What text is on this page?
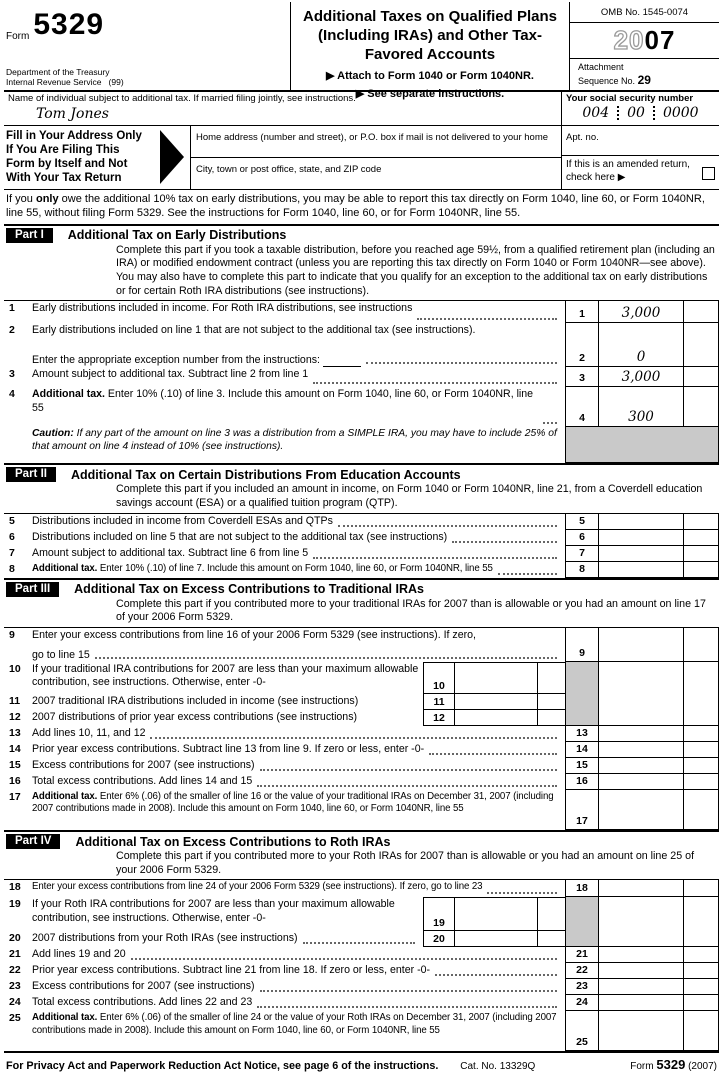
Form 5329
Department of the Treasury
Internal Revenue Service (99)
Additional Taxes on Qualified Plans
(Including IRAs) and Other Tax-Favored Accounts
▶ Attach to Form 1040 or Form 1040NR.
▶ See separate instructions.
OMB No. 1545-0074
20 07
Attachment
Sequence No. 29
Name of individual subject to additional tax. If married filing jointly, see instructions.
Tom Jones
Your social security number
004 00 0000
Fill in Your Address Only
If You Are Filing This
Form by Itself and Not
With Your Tax Return
Home address (number and street), or P.O. box if mail is not delivered to your home
City, town or post office, state, and ZIP code
Apt. no.
If this is an amended return, check here ▶
If you only owe the additional 10% tax on early distributions, you may be able to report this tax directly on Form 1040, line 60, or Form 1040NR, line 55, without filing Form 5329. See the instructions for Form 1040, line 60, or for Form 1040NR, line 55.
Part I	Additional Tax on Early Distributions
Complete this part if you took a taxable distribution, before you reached age 59½, from a qualified retirement plan (including an IRA) or modified endowment contract (unless you are reporting this tax directly on Form 1040 or Form 1040NR—see above). You may also have to complete this part to indicate that you qualify for an exception to the additional tax on early distributions or for certain Roth IRA distributions (see instructions).
1	Early distributions included in income. For Roth IRA distributions, see instructions	1	3,000
2	Early distributions included on line 1 that are not subject to the additional tax (see instructions).
Enter the appropriate exception number from the instructions:	2	0
3	Amount subject to additional tax. Subtract line 2 from line 1	3	3,000
4	Additional tax. Enter 10% (.10) of line 3. Include this amount on Form 1040, line 60, or Form 1040NR, line 55
4	300
Caution: If any part of the amount on line 3 was a distribution from a SIMPLE IRA, you may have to include 25% of that amount on line 4 instead of 10% (see instructions).
Part II	Additional Tax on Certain Distributions From Education Accounts
Complete this part if you included an amount in income, on Form 1040 or Form 1040NR, line 21, from a Coverdell education savings account (ESA) or a qualified tuition program (QTP).
5	Distributions included in income from Coverdell ESAs and QTPs	5
6	Distributions included on line 5 that are not subject to the additional tax (see instructions)	6
7	Amount subject to additional tax. Subtract line 6 from line 5	7
8	Additional tax. Enter 10% (.10) of line 7. Include this amount on Form 1040, line 60, or Form 1040NR, line 55	8
Part III	Additional Tax on Excess Contributions to Traditional IRAs
Complete this part if you contributed more to your traditional IRAs for 2007 than is allowable or you had an amount on line 17 of your 2006 Form 5329.
9	Enter your excess contributions from line 16 of your 2006 Form 5329 (see instructions). If zero,
go to line 15	9
10	If your traditional IRA contributions for 2007 are less than your maximum allowable contribution, see instructions. Otherwise, enter -0-	10
11	2007 traditional IRA distributions included in income (see instructions)	11
12	2007 distributions of prior year excess contributions (see instructions)	12
13	Add lines 10, 11, and 12	13
14	Prior year excess contributions. Subtract line 13 from line 9. If zero or less, enter -0-	14
15	Excess contributions for 2007 (see instructions)	15
16	Total excess contributions. Add lines 14 and 15	16
17	Additional tax. Enter 6% (.06) of the smaller of line 16 or the value of your traditional IRAs on December 31, 2007 (including 2007 contributions made in 2008). Include this amount on Form 1040, line 60, or Form 1040NR, line 55
17
Part IV	Additional Tax on Excess Contributions to Roth IRAs
Complete this part if you contributed more to your Roth IRAs for 2007 than is allowable or you had an amount on line 25 of your 2006 Form 5329.
18	Enter your excess contributions from line 24 of your 2006 Form 5329 (see instructions). If zero, go to line 23	18
19	If your Roth IRA contributions for 2007 are less than your maximum allowable contribution, see instructions. Otherwise, enter -0-	19
20	2007 distributions from your Roth IRAs (see instructions)	20
21	Add lines 19 and 20	21
22	Prior year excess contributions. Subtract line 21 from line 18. If zero or less, enter -0-	22
23	Excess contributions for 2007 (see instructions)	23
24	Total excess contributions. Add lines 22 and 23	24
25	Additional tax. Enter 6% (.06) of the smaller of line 24 or the value of your Roth IRAs on December 31, 2007 (including 2007 contributions made in 2008). Include this amount on Form 1040, line 60, or Form 1040NR, line 55
25
For Privacy Act and Paperwork Reduction Act Notice, see page 6 of the instructions.	Cat. No. 13329Q	Form 5329 (2007)
